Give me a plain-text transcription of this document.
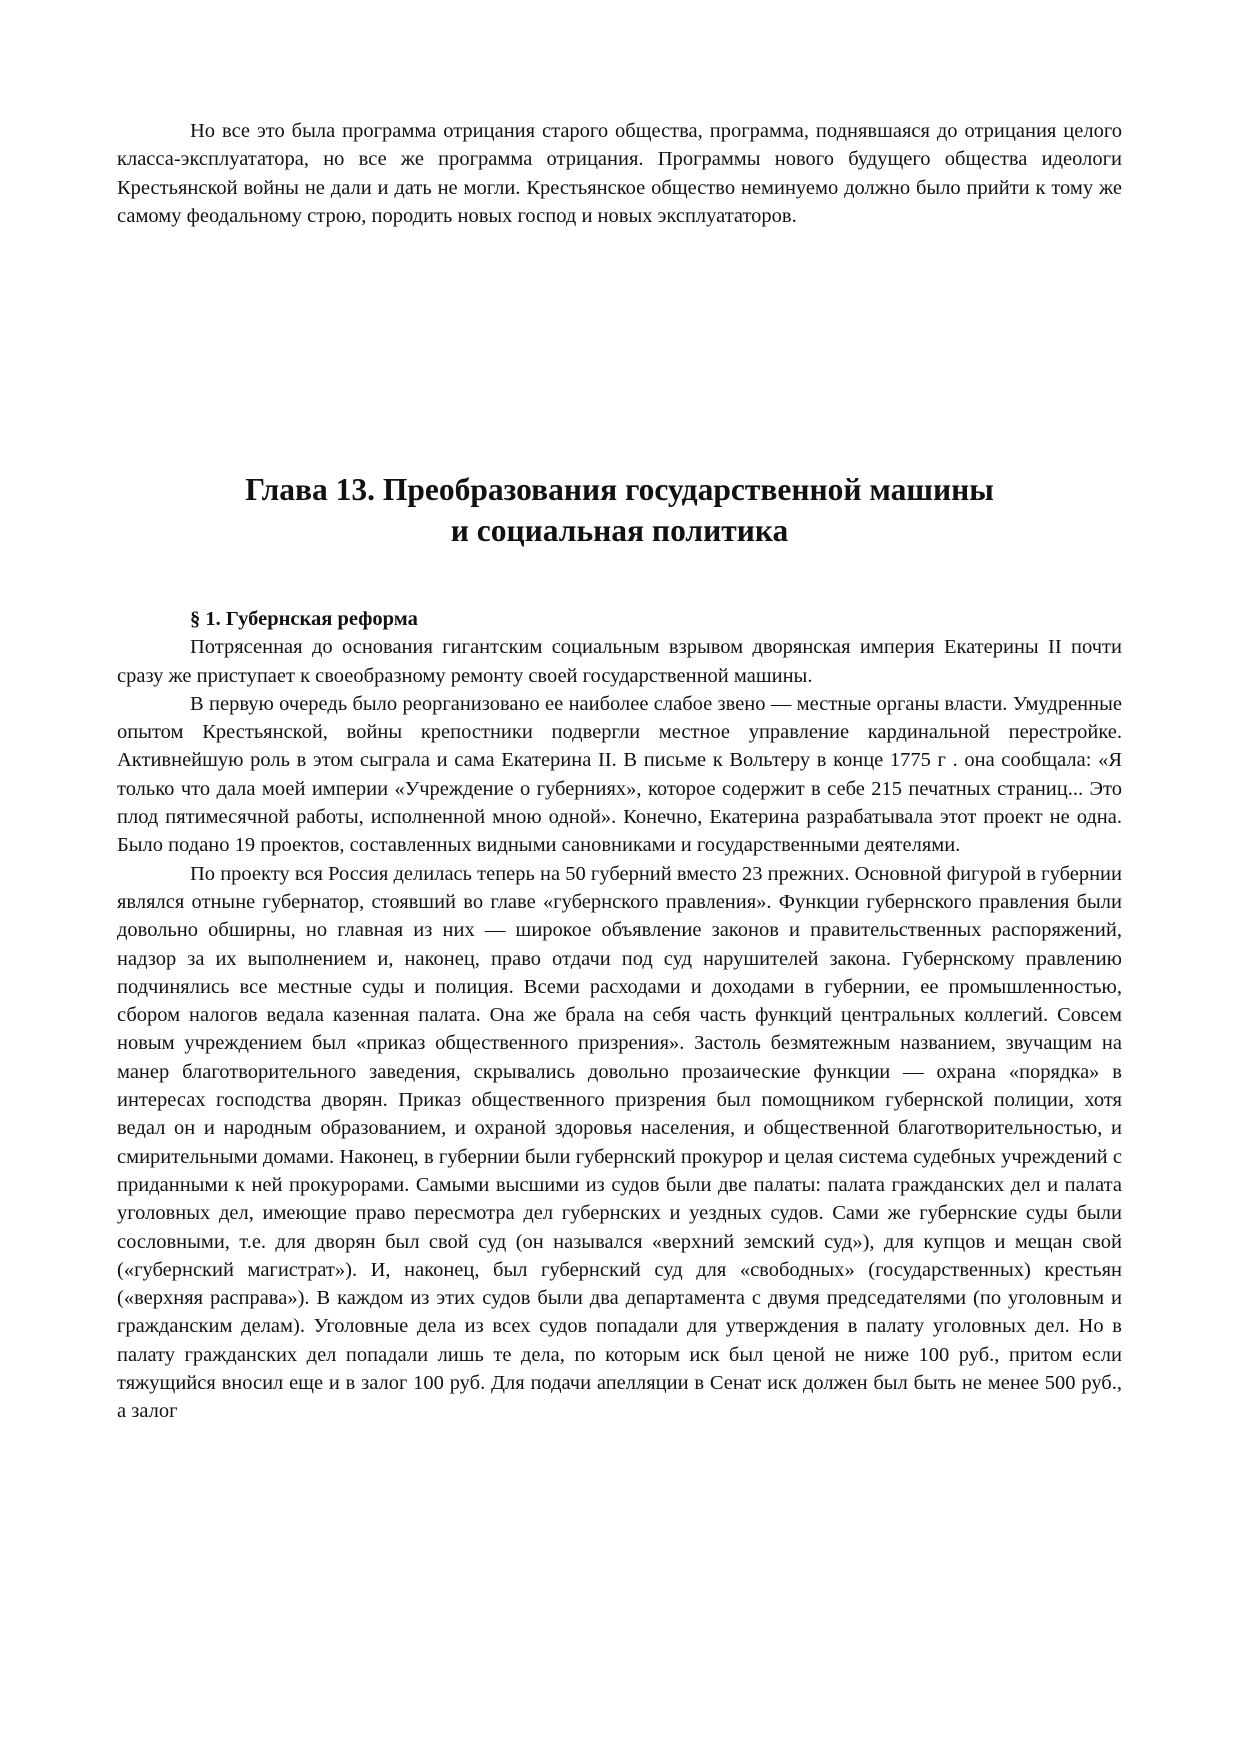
Но все это была программа отрицания старого общества, программа, поднявшаяся до отрицания целого класса-эксплуататора, но все же программа отрицания. Программы нового будущего общества идеологи Крестьянской войны не дали и дать не могли. Крестьянское общество неминуемо должно было прийти к тому же самому феодальному строю, породить новых господ и новых эксплуататоров.

Глава 13. Преобразования государственной машины
и социальная политика
§ 1. Губернская реформа

Потрясенная до основания гигантским социальным взрывом дворянская империя Екатерины II почти сразу же приступает к своеобразному ремонту своей государственной машины.

В первую очередь было реорганизовано ее наиболее слабое звено — местные органы власти. Умудренные опытом Крестьянской, войны крепостники подвергли местное управление кардинальной перестройке. Активнейшую роль в этом сыграла и сама Екатерина II. В письме к Вольтеру в конце 1775 г . она сообщала: «Я только что дала моей империи «Учреждение о губерниях», которое содержит в себе 215 печатных страниц... Это плод пятимесячной работы, исполненной мною одной». Конечно, Екатерина разрабатывала этот проект не одна. Было подано 19 проектов, составленных видными сановниками и государственными деятелями.

По проекту вся Россия делилась теперь на 50 губерний вместо 23 прежних. Основной фигурой в губернии являлся отныне губернатор, стоявший во главе «губернского правления». Функции губернского правления были довольно обширны, но главная из них — широкое объявление законов и правительственных распоряжений, надзор за их выполнением и, наконец, право отдачи под суд нарушителей закона. Губернскому правлению подчинялись все местные суды и полиция. Всеми расходами и доходами в губернии, ее промышленностью, сбором налогов ведала казенная палата. Она же брала на себя часть функций центральных коллегий. Совсем новым учреждением был «приказ общественного призрения». Застоль безмятежным названием, звучащим на манер благотворительного заведения, скрывались довольно прозаические функции — охрана «порядка» в интересах господства дворян. Приказ общественного призрения был помощником губернской полиции, хотя ведал он и народным образованием, и охраной здоровья населения, и общественной благотворительностью, и смирительными домами. Наконец, в губернии были губернский прокурор и целая система судебных учреждений с приданными к ней прокурорами. Самыми высшими из судов были две палаты: палата гражданских дел и палата уголовных дел, имеющие право пересмотра дел губернских и уездных судов. Сами же губернские суды были сословными, т.е. для дворян был свой суд (он назывался «верхний земский суд»), для купцов и мещан свой («губернский магистрат»). И, наконец, был губернский суд для «свободных» (государственных) крестьян («верхняя расправа»). В каждом из этих судов были два департамента с двумя председателями (по уголовным и гражданским делам). Уголовные дела из всех судов попадали для утверждения в палату уголовных дел. Но в палату гражданских дел попадали лишь те дела, по которым иск был ценой не ниже 100 руб., притом если тяжущийся вносил еще и в залог 100 руб. Для подачи апелляции в Сенат иск должен был быть не менее 500 руб., а залог
